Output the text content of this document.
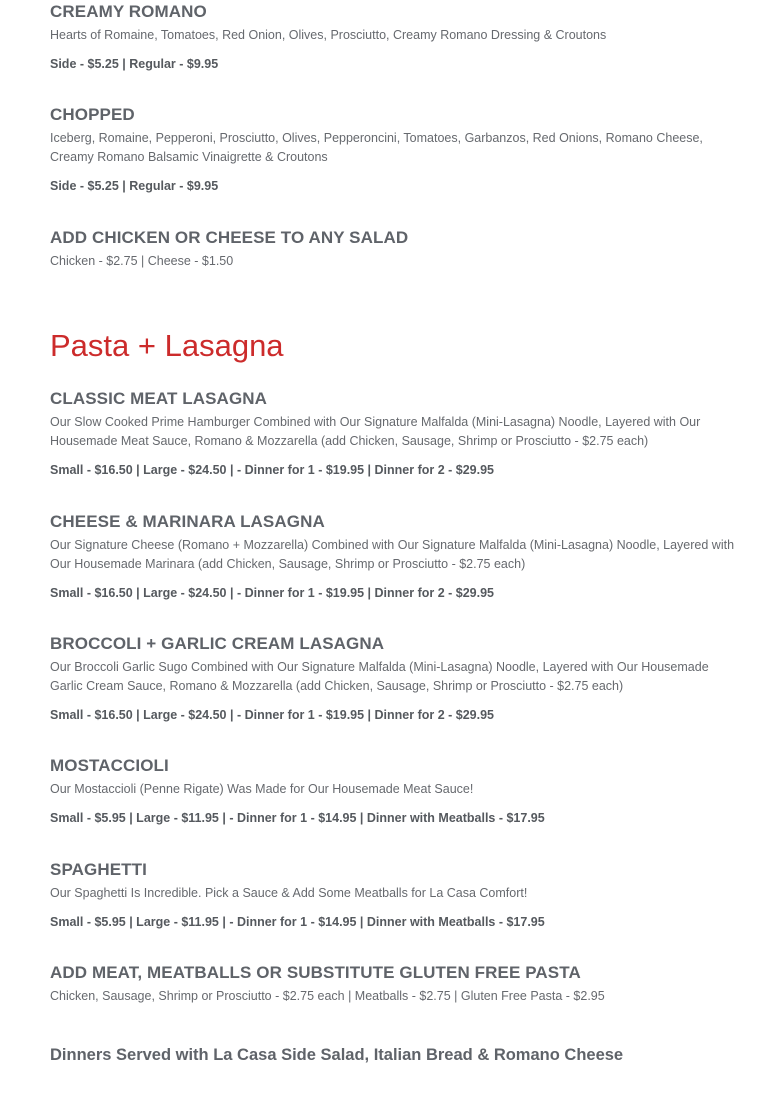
CREAMY ROMANO

Hearts of Romaine, Tomatoes, Red Onion, Olives, Prosciutto, Creamy Romano Dressing & Croutons

Side - $5.25 | Regular - $9.95

CHOPPED

Iceberg, Romaine, Pepperoni, Prosciutto, Olives, Pepperoncini, Tomatoes, Garbanzos, Red Onions, Romano Cheese, Creamy Romano Balsamic Vinaigrette & Croutons

Side - $5.25 | Regular - $9.95

ADD CHICKEN OR CHEESE TO ANY SALAD

Chicken - $2.75 | Cheese - $1.50

Pasta + Lasagna
CLASSIC MEAT LASAGNA

Our Slow Cooked Prime Hamburger Combined with Our Signature Malfalda (Mini-Lasagna) Noodle, Layered with Our Housemade Meat Sauce, Romano & Mozzarella (add Chicken, Sausage, Shrimp or Prosciutto - $2.75 each)

Small - $16.50 | Large - $24.50 | - Dinner for 1 - $19.95 | Dinner for 2 - $29.95

CHEESE & MARINARA LASAGNA

Our Signature Cheese (Romano + Mozzarella) Combined with Our Signature Malfalda (Mini-Lasagna) Noodle, Layered with Our Housemade Marinara (add Chicken, Sausage, Shrimp or Prosciutto - $2.75 each)

Small - $16.50 | Large - $24.50 | - Dinner for 1 - $19.95 | Dinner for 2 - $29.95

BROCCOLI + GARLIC CREAM LASAGNA

Our Broccoli Garlic Sugo Combined with Our Signature Malfalda (Mini-Lasagna) Noodle, Layered with Our Housemade Garlic Cream Sauce, Romano & Mozzarella (add Chicken, Sausage, Shrimp or Prosciutto - $2.75 each)

Small - $16.50 | Large - $24.50 | - Dinner for 1 - $19.95 | Dinner for 2 - $29.95

MOSTACCIOLI

Our Mostaccioli (Penne Rigate) Was Made for Our Housemade Meat Sauce!

Small - $5.95 | Large - $11.95 | - Dinner for 1 - $14.95 | Dinner with Meatballs - $17.95

SPAGHETTI

Our Spaghetti Is Incredible. Pick a Sauce & Add Some Meatballs for La Casa Comfort!

Small - $5.95 | Large - $11.95 | - Dinner for 1 - $14.95 | Dinner with Meatballs - $17.95

ADD MEAT, MEATBALLS OR SUBSTITUTE GLUTEN FREE PASTA

Chicken, Sausage, Shrimp or Prosciutto - $2.75 each | Meatballs - $2.75 | Gluten Free Pasta - $2.95

Dinners Served with La Casa Side Salad, Italian Bread & Romano Cheese
